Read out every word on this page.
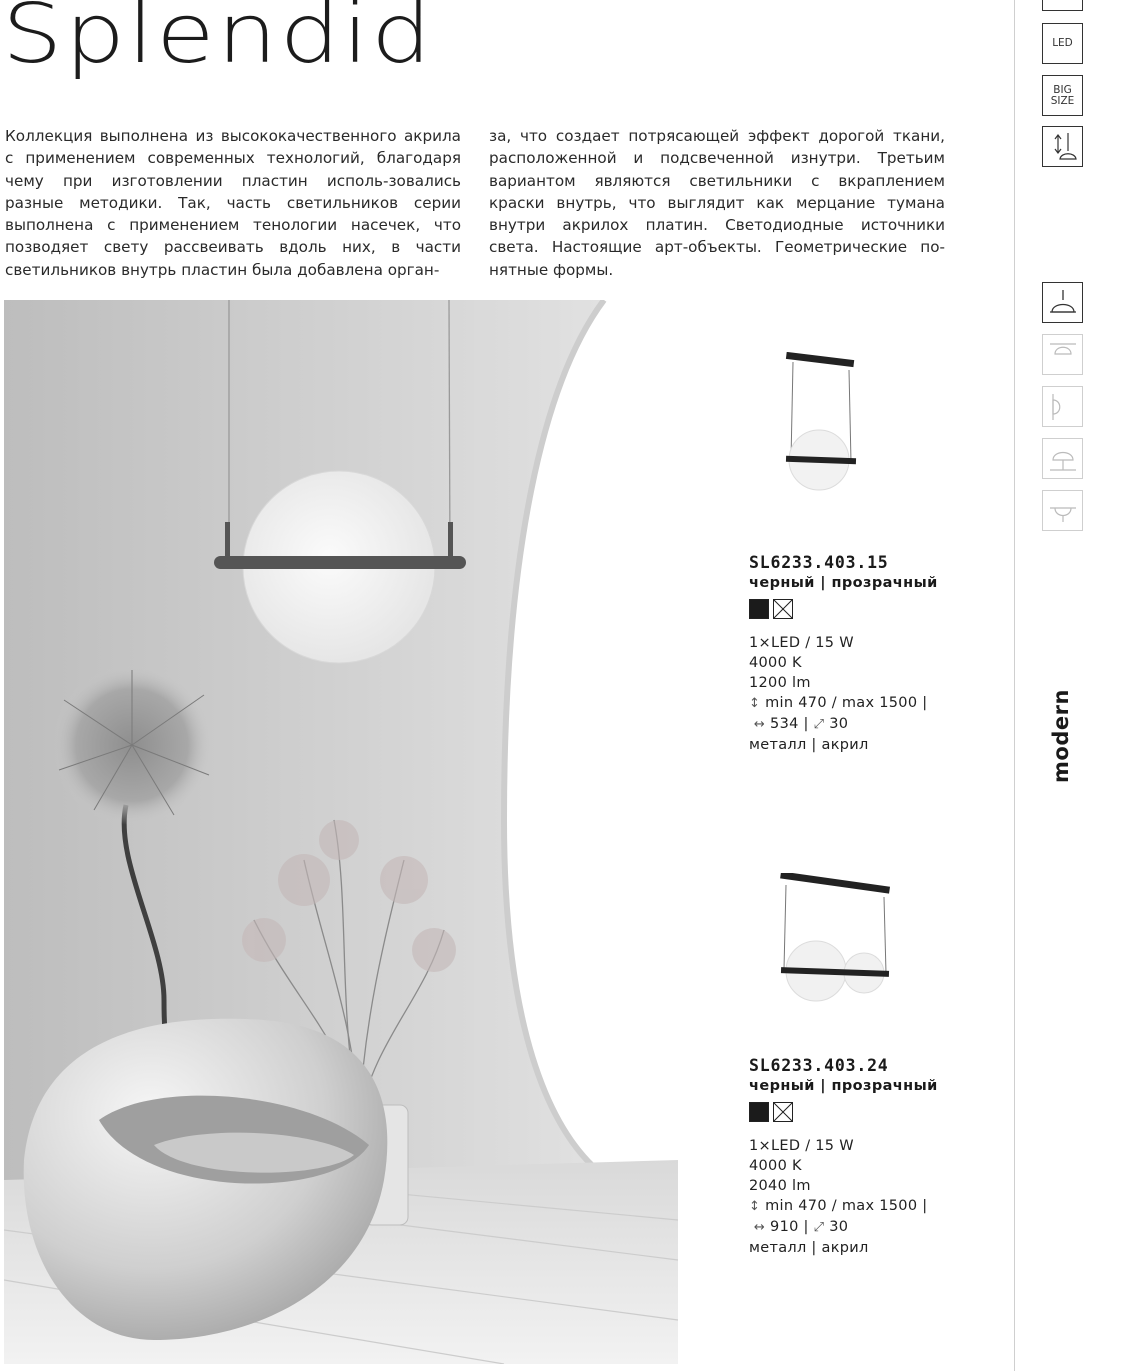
Splendid

Коллекция выполнена из высококачественного акрила с применением современных технологий, благодаря чему при изготовлении пластин исполь-зовались разные методики. Так, часть светильников серии выполнена с применением тенологии насечек, что позводяет свету рассвеивать вдоль них, в части светильников внутрь пластин была добавлена орган-

за, что создает потрясающей эффект дорогой ткани, расположенной и подсвеченной изнутри. Третьим вариантом являются светильники с вкраплением краски внутрь, что выглядит как мерцание тумана внутри акрилох платин. Светодиодные источники света. Настоящие арт-объекты. Геометрические по-нятные формы.

SL6233.403.15
черный | прозрачный
1×LED / 15 W
4000 K
1200 lm
↕ min 470 / max 1500 |
↔ 534 | ⤢ 30
металл | акрил
SL6233.403.24
черный | прозрачный
1×LED / 15 W
4000 K
2040 lm
↕ min 470 / max 1500 |
↔ 910 | ⤢ 30
металл | акрил
LED
BIG
SIZE
modern
